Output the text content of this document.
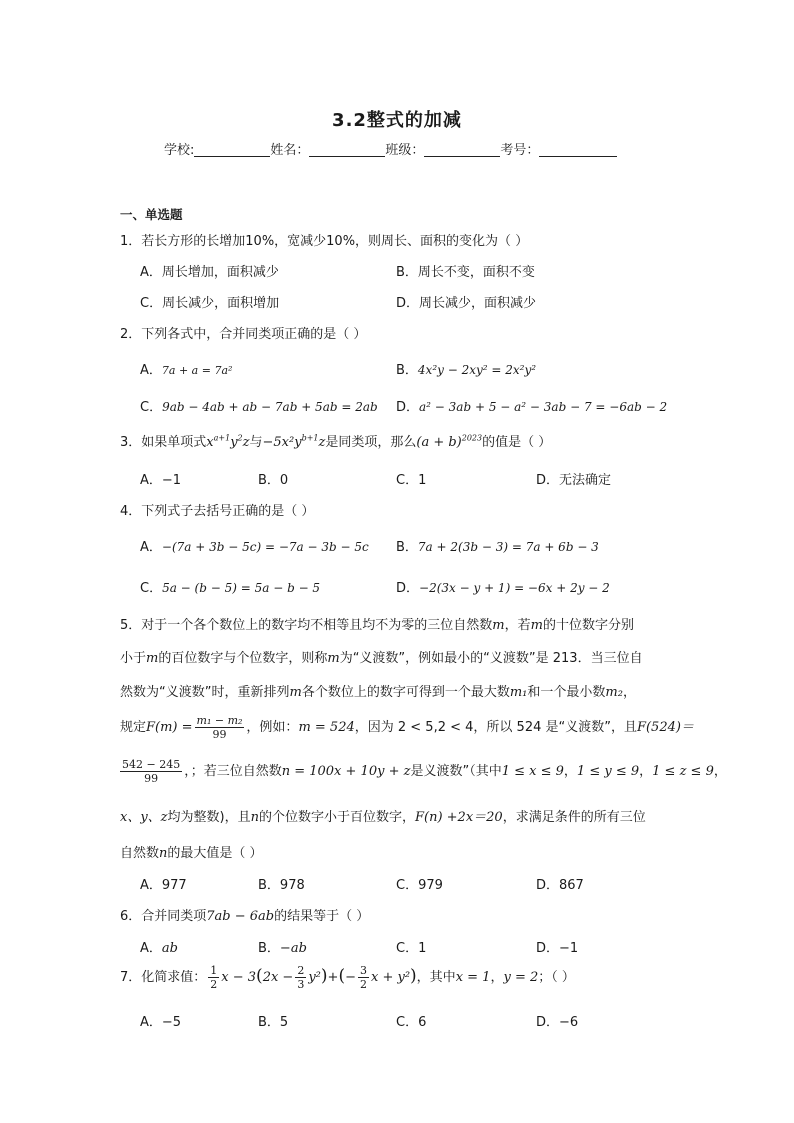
3.2整式的加减
学校:	姓名：	班级：	考号：
一、单选题
1．若长方形的长增加10%，宽减少10%，则周长、面积的变化为（ ）
A．周长增加，面积减少	B．周长不变，面积不变
C．周长减少，面积增加	D．周长减少，面积减少
2．下列各式中，合并同类项正确的是（ ）
A．7a + a = 7a²	B．4x²y − 2xy² = 2x²y²
C．9ab − 4ab + ab − 7ab + 5ab = 2ab D．a² − 3ab + 5 − a² − 3ab − 7 = −6ab − 2
3．如果单项式$x^{a+1}y^2z$与$-5x^2y^{b+1}z$是同类项，那么$(a + b)^{2023}$的值是（ ）
A．−1	B．0	C．1	D．无法确定
4．下列式子去括号正确的是（ ）
A．−(7a + 3b − 5c) = −7a − 3b − 5c B．7a + 2(3b − 3) = 7a + 6b − 3
C．5a − (b − 5) = 5a − b − 5	D．−2(3x − y + 1) = −6x + 2y − 2
5．对于一个各个数位上的数字均不相等且均不为零的三位自然数m，若m的十位数字分别
小于m的百位数字与个位数字，则称m为“义渡数”，例如最小的“义渡数”是 213．当三位自
然数为“义渡数”时，重新排列m各个数位上的数字可得到一个最大数m₁和一个最小数m₂，
规定$F(m) = \frac{\text{m₁ − m₂}}{99}$ ，例如：m = 524，因为 2 < 5,2 < 4，所以 524 是“义渡数”，且F(524)＝
$\frac{542 - 245}{99}$ ，；若三位自然数n = 100x + 10y + z是义渡数”（其中1 ≤ x ≤ 9，1 ≤ y ≤ 9，1 ≤ z ≤ 9，
x、y、z均为整数)，且n的个位数字小于百位数字，F(n) +2x＝20，求满足条件的所有三位
自然数n的最大值是（ ）
A．977	B．978	C．979	D．867
6．合并同类项7ab − 6ab的结果等于（ ）
A．ab	B．−ab	C．1	D．−1
7．化简求值： $\frac{1}{2}$ $x - 3(2x - \frac{2}{3} y^2)+(- \frac{3}{2}$ x + y²)，其中x = 1，y = 2；（ ）
A．−5	B．5	C．6	D．−6
